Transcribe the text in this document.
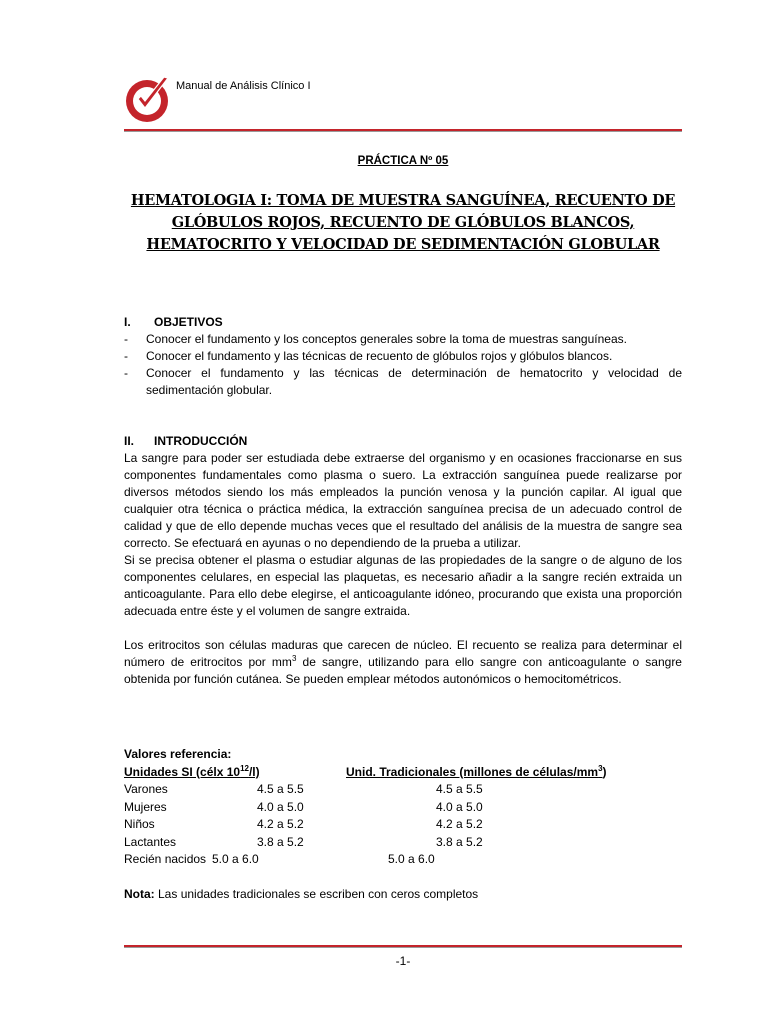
Manual de Análisis Clínico I
PRÁCTICA Nº 05
HEMATOLOGIA I: TOMA DE MUESTRA SANGUÍNEA, RECUENTO DE
GLÓBULOS ROJOS, RECUENTO DE GLÓBULOS BLANCOS,
HEMATOCRITO Y VELOCIDAD DE SEDIMENTACIÓN GLOBULAR
I. OBJETIVOS
-	Conocer el fundamento y los conceptos generales sobre la toma de muestras sanguíneas.
-	Conocer el fundamento y las técnicas de recuento de glóbulos rojos y glóbulos blancos.
-	Conocer el fundamento y las técnicas de determinación de hematocrito y velocidad de sedimentación globular.
II. INTRODUCCIÓN
La sangre para poder ser estudiada debe extraerse del organismo y en ocasiones fraccionarse en sus componentes fundamentales como plasma o suero. La extracción sanguínea puede realizarse por diversos métodos siendo los más empleados la punción venosa y la punción capilar. Al igual que cualquier otra técnica o práctica médica, la extracción sanguínea precisa de un adecuado control de calidad y que de ello depende muchas veces que el resultado del análisis de la muestra de sangre sea correcto. Se efectuará en ayunas o no dependiendo de la prueba a utilizar.
Si se precisa obtener el plasma o estudiar algunas de las propiedades de la sangre o de alguno de los componentes celulares, en especial las plaquetas, es necesario añadir a la sangre recién extraida un anticoagulante. Para ello debe elegirse, el anticoagulante idóneo, procurando que exista una proporción adecuada entre éste y el volumen de sangre extraida.
Los eritrocitos son células maduras que carecen de núcleo. El recuento se realiza para determinar el número de eritrocitos por $mm^3$ de sangre, utilizando para ello sangre con anticoagulante o sangre obtenida por función cutánea. Se pueden emplear métodos autonómicos o hemocitométricos.
Valores referencia:
Unidades SI (célx $10^{12}/l$)	Unid. Tradicionales (millones de células/$mm^3$)
Varones	4.5 a 5.5	4.5 a 5.5
Mujeres	4.0 a 5.0	4.0 a 5.0
Niños	4.2 a 5.2	4.2 a 5.2
Lactantes	3.8 a 5.2	3.8 a 5.2
Recién nacidos 5.0 a 6.0	5.0 a 6.0
Nota: Las unidades tradicionales se escriben con ceros completos
-1-
